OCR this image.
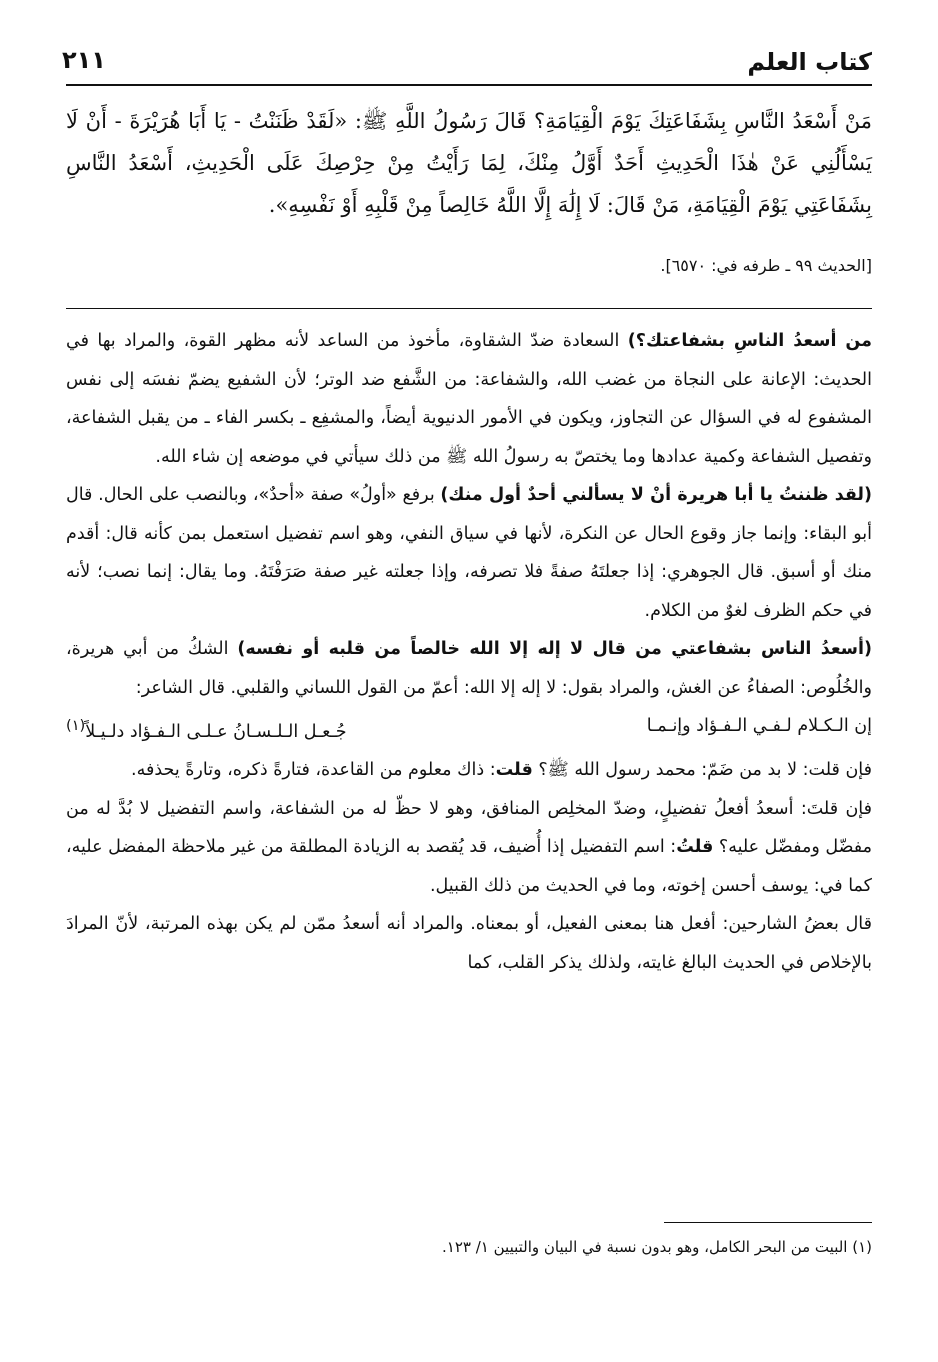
كتاب العلم
٢١١
مَنْ أَسْعَدُ النَّاسِ بِشَفَاعَتِكَ يَوْمَ الْقِيَامَةِ؟ قَالَ رَسُولُ اللَّهِ ﷺ: «لَقَدْ ظَنَنْتُ - يَا أَبَا هُرَيْرَةَ - أَنْ لَا يَسْأَلُنِي عَنْ هٰذَا الْحَدِيثِ أَحَدٌ أَوَّلُ مِنْكَ، لِمَا رَأَيْتُ مِنْ حِرْصِكَ عَلَى الْحَدِيثِ، أَسْعَدُ النَّاسِ بِشَفَاعَتِي يَوْمَ الْقِيَامَةِ، مَنْ قَالَ: لَا إِلَٰهَ إِلَّا اللَّهُ خَالِصاً مِنْ قَلْبِهِ أَوْ نَفْسِهِ».
[الحديث ٩٩ ـ طرفه في: ٦٥٧٠].

من أسعدُ الناسِ بشفاعتك؟) السعادة ضدّ الشقاوة، مأخوذ من الساعد لأنه مظهر القوة، والمراد بها في الحديث: الإعانة على النجاة من غضب الله، والشفاعة: من الشَّفع ضد الوتر؛ لأن الشفيع يضمّ نفسَه إلى نفس المشفوع له في السؤال عن التجاوز، ويكون في الأمور الدنيوية أيضاً، والمشفِع ـ بكسر الفاء ـ من يقبل الشفاعة، وتفصيل الشفاعة وكمية عدادها وما يختصّ به رسولُ الله ﷺ من ذلك سيأتي في موضعه إن شاء الله.

(لقد ظننتُ يا أبا هريرة أنْ لا يسألني أحدٌ أول منك) برفع «أولُ» صفة «أحدٌ»، وبالنصب على الحال. قال أبو البقاء: وإنما جاز وقوع الحال عن النكرة، لأنها في سياق النفي، وهو اسم تفضيل استعمل بمن كأنه قال: أقدم منك أو أسبق. قال الجوهري: إذا جعلتَهُ صفةً فلا تصرفه، وإذا جعلته غير صفة صَرَفْتَهُ. وما يقال: إنما نصب؛ لأنه في حكم الظرف لغوٌ من الكلام.

(أسعدُ الناس بشفاعتي من قال لا إله إلا الله خالصاً من قلبه أو نفسه) الشكُ من أبي هريرة، والخُلُوص: الصفاءُ عن الغش، والمراد بقول: لا إله إلا الله: أعمّ من القول اللساني والقلبي. قال الشاعر:

إن الـكـلام لـفـي الـفـؤاد وإنـمـا
جُـعـل الـلـسـانُ عـلـى الـفـؤاد دلـيـلاً$^{(١)}$

فإن قلت: لا بد من ضَمّ: محمد رسول الله ﷺ؟ قلت: ذاك معلوم من القاعدة، فتارةً ذكره، وتارةً يحذفه.

فإن قلتَ: أسعدُ أفعلُ تفضيلٍ، وضدّ المخلِص المنافق، وهو لا حظّ له من الشفاعة، واسم التفضيل لا بُدَّ له من مفضّل ومفضّل عليه؟ قلتُ: اسم التفضيل إذا أُضيف، قد يُقصد به الزيادة المطلقة من غير ملاحظة المفضل عليه، كما في: يوسف أحسن إخوته، وما في الحديث من ذلك القبيل.

قال بعضُ الشارحين: أفعل هنا بمعنى الفعيل، أو بمعناه. والمراد أنه أسعدُ ممّن لم يكن بهذه المرتبة، لأنّ المرادَ بالإخلاص في الحديث البالغ غايته، ولذلك يذكر القلب، كما

(١) البيت من البحر الكامل، وهو بدون نسبة في البيان والتبيين ١/ ١٢٣.
